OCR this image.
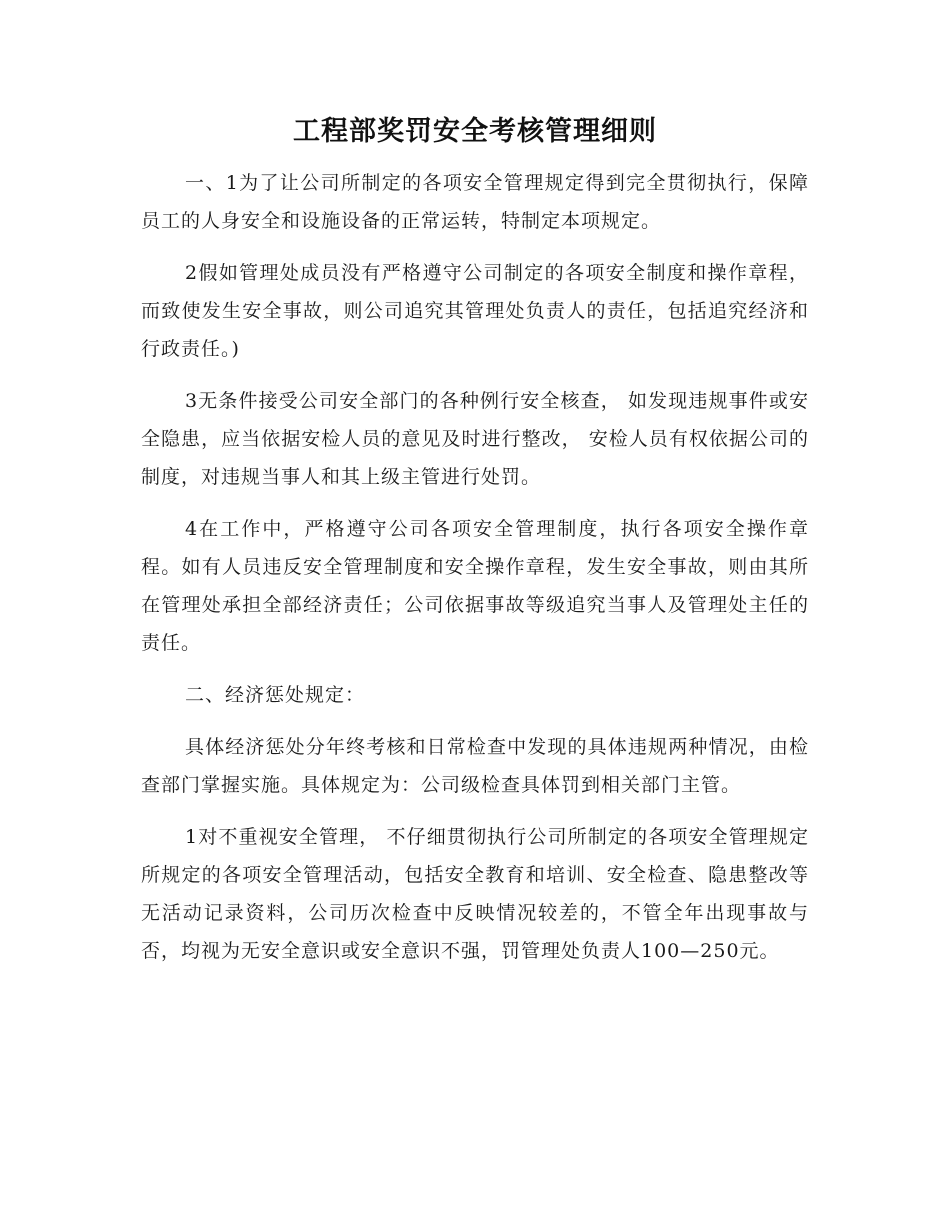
工程部奖罚安全考核管理细则

一、1为了让公司所制定的各项安全管理规定得到完全贯彻执行，保障员工的人身安全和设施设备的正常运转，特制定本项规定。

2假如管理处成员没有严格遵守公司制定的各项安全制度和操作章程，而致使发生安全事故，则公司追究其管理处负责人的责任，包括追究经济和行政责任。)

3无条件接受公司安全部门的各种例行安全核查， 如发现违规事件或安全隐患，应当依据安检人员的意见及时进行整改， 安检人员有权依据公司的制度，对违规当事人和其上级主管进行处罚。

4在工作中，严格遵守公司各项安全管理制度，执行各项安全操作章程。如有人员违反安全管理制度和安全操作章程，发生安全事故，则由其所在管理处承担全部经济责任；公司依据事故等级追究当事人及管理处主任的责任。

二、经济惩处规定：

具体经济惩处分年终考核和日常检查中发现的具体违规两种情况，由检查部门掌握实施。具体规定为：公司级检查具体罚到相关部门主管。

1对不重视安全管理， 不仔细贯彻执行公司所制定的各项安全管理规定所规定的各项安全管理活动，包括安全教育和培训、安全检查、隐患整改等无活动记录资料，公司历次检查中反映情况较差的，不管全年出现事故与否，均视为无安全意识或安全意识不强，罚管理处负责人100—250元。
